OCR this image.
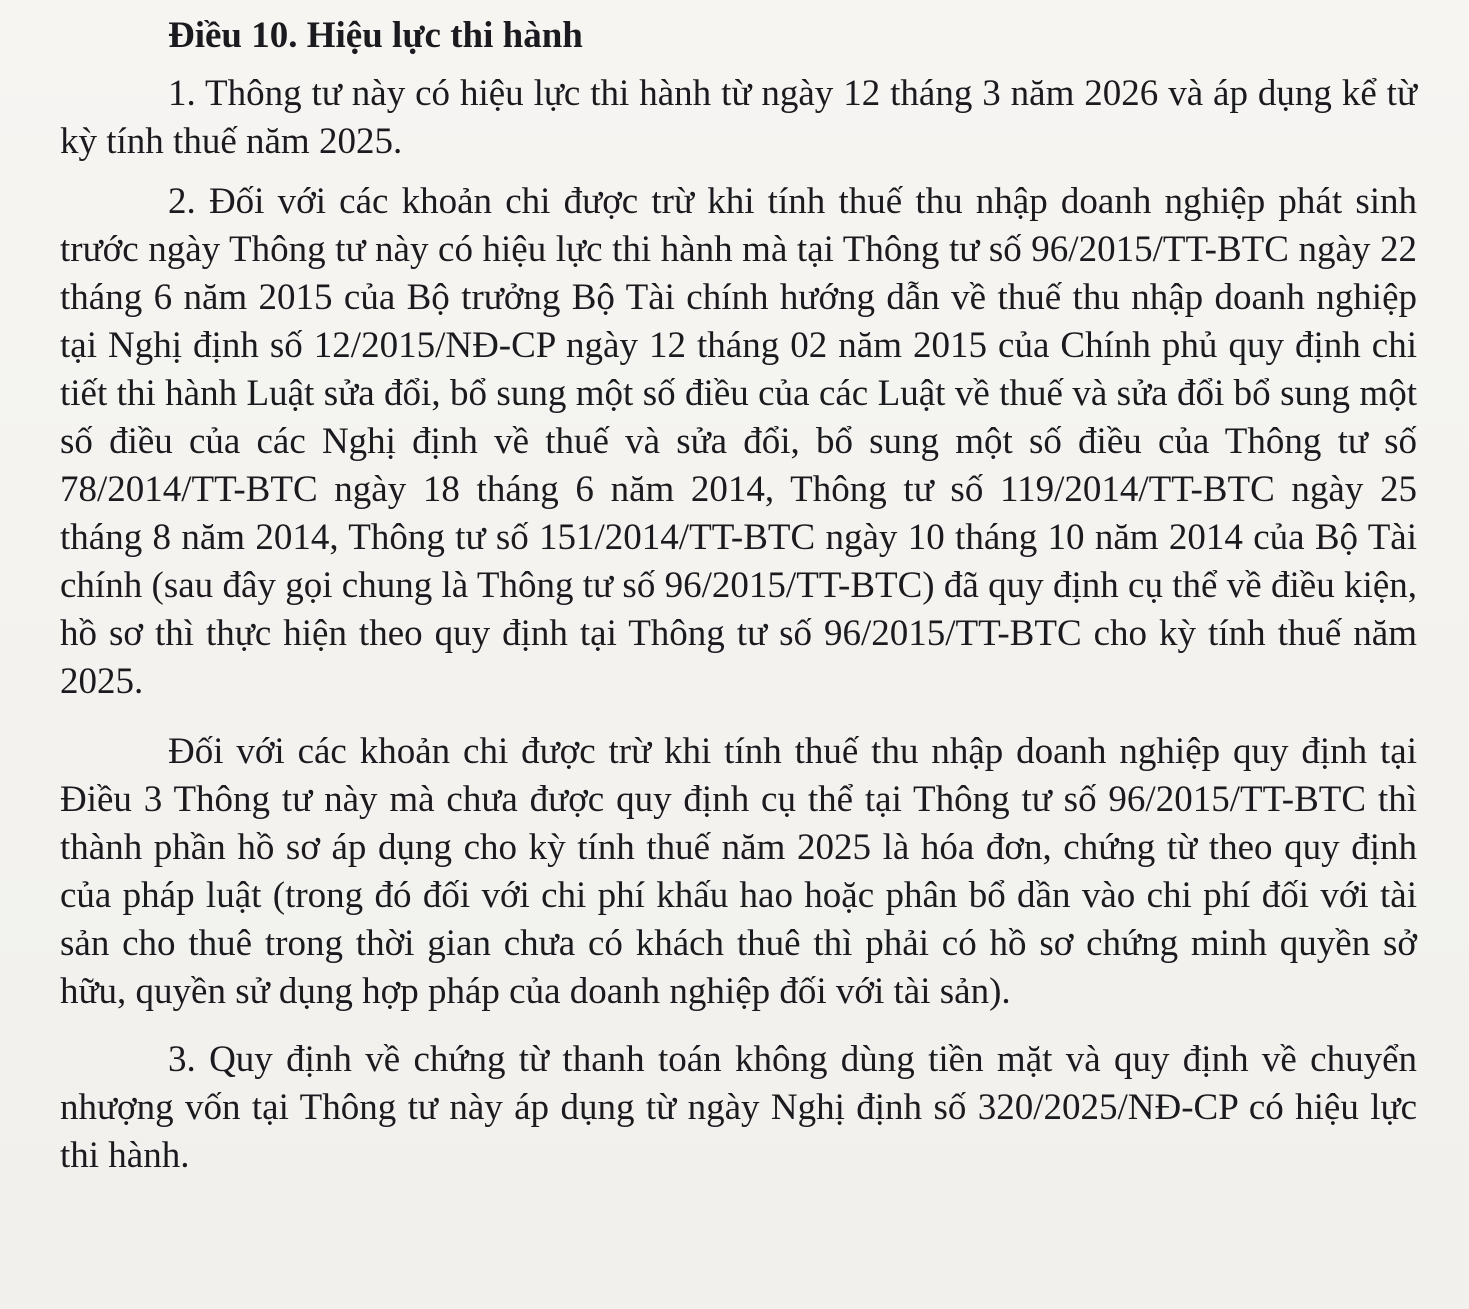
Điều 10. Hiệu lực thi hành

1. Thông tư này có hiệu lực thi hành từ ngày 12 tháng 3 năm 2026 và áp dụng kể từ kỳ tính thuế năm 2025.

2. Đối với các khoản chi được trừ khi tính thuế thu nhập doanh nghiệp phát sinh trước ngày Thông tư này có hiệu lực thi hành mà tại Thông tư số 96/2015/TT-BTC ngày 22 tháng 6 năm 2015 của Bộ trưởng Bộ Tài chính hướng dẫn về thuế thu nhập doanh nghiệp tại Nghị định số 12/2015/NĐ-CP ngày 12 tháng 02 năm 2015 của Chính phủ quy định chi tiết thi hành Luật sửa đổi, bổ sung một số điều của các Luật về thuế và sửa đổi bổ sung một số điều của các Nghị định về thuế và sửa đổi, bổ sung một số điều của Thông tư số 78/2014/TT-BTC ngày 18 tháng 6 năm 2014, Thông tư số 119/2014/TT-BTC ngày 25 tháng 8 năm 2014, Thông tư số 151/2014/TT-BTC ngày 10 tháng 10 năm 2014 của Bộ Tài chính (sau đây gọi chung là Thông tư số 96/2015/TT-BTC) đã quy định cụ thể về điều kiện, hồ sơ thì thực hiện theo quy định tại Thông tư số 96/2015/TT-BTC cho kỳ tính thuế năm 2025.

Đối với các khoản chi được trừ khi tính thuế thu nhập doanh nghiệp quy định tại Điều 3 Thông tư này mà chưa được quy định cụ thể tại Thông tư số 96/2015/TT-BTC thì thành phần hồ sơ áp dụng cho kỳ tính thuế năm 2025 là hóa đơn, chứng từ theo quy định của pháp luật (trong đó đối với chi phí khấu hao hoặc phân bổ dần vào chi phí đối với tài sản cho thuê trong thời gian chưa có khách thuê thì phải có hồ sơ chứng minh quyền sở hữu, quyền sử dụng hợp pháp của doanh nghiệp đối với tài sản).

3. Quy định về chứng từ thanh toán không dùng tiền mặt và quy định về chuyển nhượng vốn tại Thông tư này áp dụng từ ngày Nghị định số 320/2025/NĐ-CP có hiệu lực thi hành.
